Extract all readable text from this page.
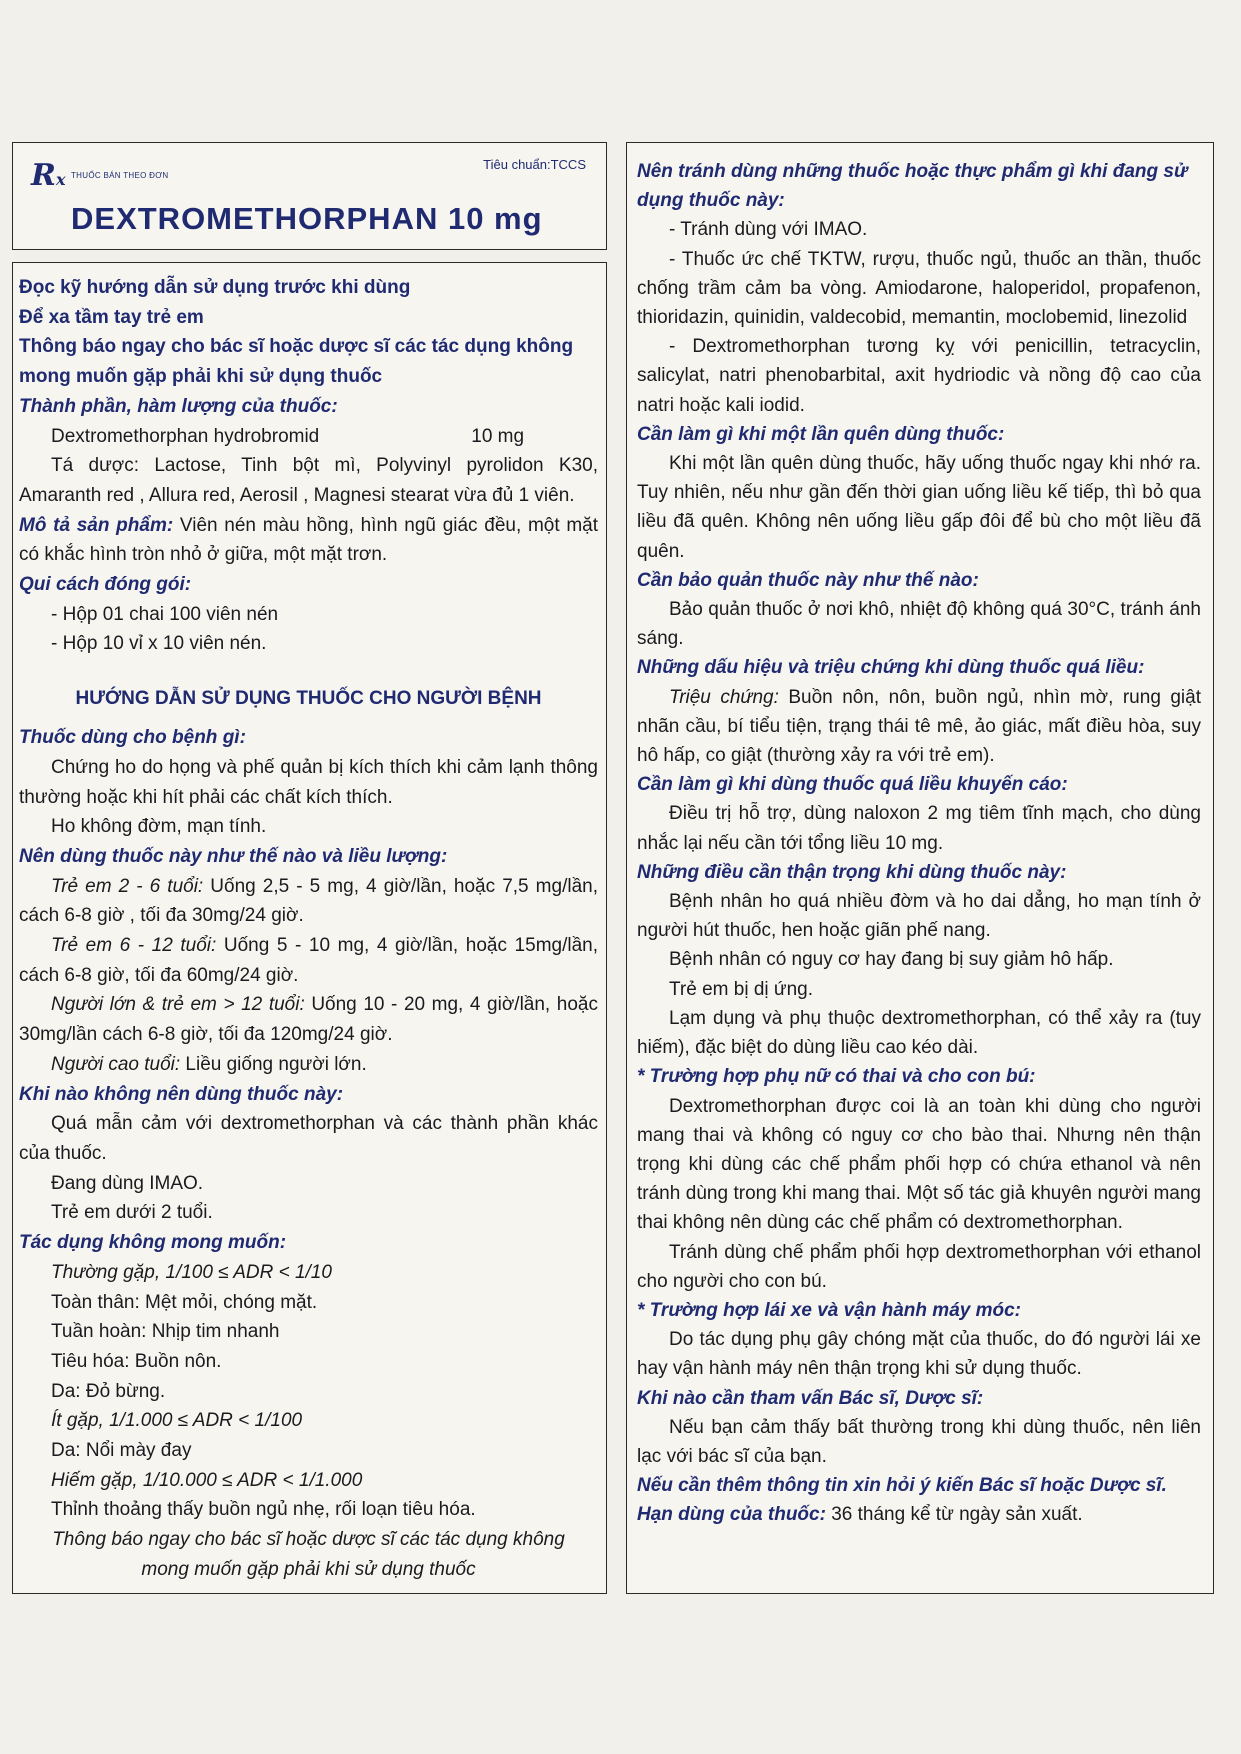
Rx THUỐC BÁN THEO ĐƠN
Tiêu chuẩn:TCCS
DEXTROMETHORPHAN 10 mg

Đọc kỹ hướng dẫn sử dụng trước khi dùng

Để xa tầm tay trẻ em

Thông báo ngay cho bác sĩ hoặc dược sĩ các tác dụng không mong muốn gặp phải khi sử dụng thuốc

Thành phần, hàm lượng của thuốc:

Dextromethorphan hydrobromid	10 mg

Tá dược: Lactose, Tinh bột mì, Polyvinyl pyrolidon K30, Amaranth red , Allura red, Aerosil , Magnesi stearat vừa đủ 1 viên.

Mô tả sản phẩm: Viên nén màu hồng, hình ngũ giác đều, một mặt có khắc hình tròn nhỏ ở giữa, một mặt trơn.

Qui cách đóng gói:

- Hộp 01 chai 100 viên nén

- Hộp 10 vỉ x 10 viên nén.

HƯỚNG DẪN SỬ DỤNG THUỐC CHO NGƯỜI BỆNH

Thuốc dùng cho bệnh gì:

Chứng ho do họng và phế quản bị kích thích khi cảm lạnh thông thường hoặc khi hít phải các chất kích thích.

Ho không đờm, mạn tính.

Nên dùng thuốc này như thế nào và liều lượng:

Trẻ em 2 - 6 tuổi: Uống 2,5 - 5 mg, 4 giờ/lần, hoặc 7,5 mg/lần, cách 6-8 giờ , tối đa 30mg/24 giờ.

Trẻ em 6 - 12 tuổi: Uống 5 - 10 mg, 4 giờ/lần, hoặc 15mg/lần, cách 6-8 giờ, tối đa 60mg/24 giờ.

Người lớn & trẻ em > 12 tuổi: Uống 10 - 20 mg, 4 giờ/lần, hoặc 30mg/lần cách 6-8 giờ, tối đa 120mg/24 giờ.

Người cao tuổi: Liều giống người lớn.

Khi nào không nên dùng thuốc này:

Quá mẫn cảm với dextromethorphan và các thành phần khác của thuốc.

Đang dùng IMAO.

Trẻ em dưới 2 tuổi.

Tác dụng không mong muốn:

Thường gặp, 1/100 ≤ ADR < 1/10

Toàn thân: Mệt mỏi, chóng mặt.

Tuần hoàn: Nhịp tim nhanh

Tiêu hóa: Buồn nôn.

Da: Đỏ bừng.

Ít gặp, 1/1.000 ≤ ADR < 1/100

Da: Nổi mày đay

Hiếm gặp, 1/10.000 ≤ ADR < 1/1.000

Thỉnh thoảng thấy buồn ngủ nhẹ, rối loạn tiêu hóa.

Thông báo ngay cho bác sĩ hoặc dược sĩ các tác dụng không mong muốn gặp phải khi sử dụng thuốc

Nên tránh dùng những thuốc hoặc thực phẩm gì khi đang sử dụng thuốc này:

- Tránh dùng với IMAO.

- Thuốc ức chế TKTW, rượu, thuốc ngủ, thuốc an thần, thuốc chống trầm cảm ba vòng. Amiodarone, haloperidol, propafenon, thioridazin, quinidin, valdecobid, memantin, moclobemid, linezolid

- Dextromethorphan tương kỵ với penicillin, tetracyclin, salicylat, natri phenobarbital, axit hydriodic và nồng độ cao của natri hoặc kali iodid.

Cần làm gì khi một lần quên dùng thuốc:

Khi một lần quên dùng thuốc, hãy uống thuốc ngay khi nhớ ra. Tuy nhiên, nếu như gần đến thời gian uống liều kế tiếp, thì bỏ qua liều đã quên. Không nên uống liều gấp đôi để bù cho một liều đã quên.

Cần bảo quản thuốc này như thế nào:

Bảo quản thuốc ở nơi khô, nhiệt độ không quá 30°C, tránh ánh sáng.

Những dấu hiệu và triệu chứng khi dùng thuốc quá liều:

Triệu chứng: Buồn nôn, nôn, buồn ngủ, nhìn mờ, rung giật nhãn cầu, bí tiểu tiện, trạng thái tê mê, ảo giác, mất điều hòa, suy hô hấp, co giật (thường xảy ra với trẻ em).

Cần làm gì khi dùng thuốc quá liều khuyến cáo:

Điều trị hỗ trợ, dùng naloxon 2 mg tiêm tĩnh mạch, cho dùng nhắc lại nếu cần tới tổng liều 10 mg.

Những điều cần thận trọng khi dùng thuốc này:

Bệnh nhân ho quá nhiều đờm và ho dai dẳng, ho mạn tính ở người hút thuốc, hen hoặc giãn phế nang.

Bệnh nhân có nguy cơ hay đang bị suy giảm hô hấp.

Trẻ em bị dị ứng.

Lạm dụng và phụ thuộc dextromethorphan, có thể xảy ra (tuy hiếm), đặc biệt do dùng liều cao kéo dài.

* Trường hợp phụ nữ có thai và cho con bú:

Dextromethorphan được coi là an toàn khi dùng cho người mang thai và không có nguy cơ cho bào thai. Nhưng nên thận trọng khi dùng các chế phẩm phối hợp có chứa ethanol và nên tránh dùng trong khi mang thai. Một số tác giả khuyên người mang thai không nên dùng các chế phẩm có dextromethorphan.

Tránh dùng chế phẩm phối hợp dextromethorphan với ethanol cho người cho con bú.

* Trường hợp lái xe và vận hành máy móc:

Do tác dụng phụ gây chóng mặt của thuốc, do đó người lái xe hay vận hành máy nên thận trọng khi sử dụng thuốc.

Khi nào cần tham vấn Bác sĩ, Dược sĩ:

Nếu bạn cảm thấy bất thường trong khi dùng thuốc, nên liên lạc với bác sĩ của bạn.

Nếu cần thêm thông tin xin hỏi ý kiến Bác sĩ hoặc Dược sĩ.

Hạn dùng của thuốc: 36 tháng kể từ ngày sản xuất.
